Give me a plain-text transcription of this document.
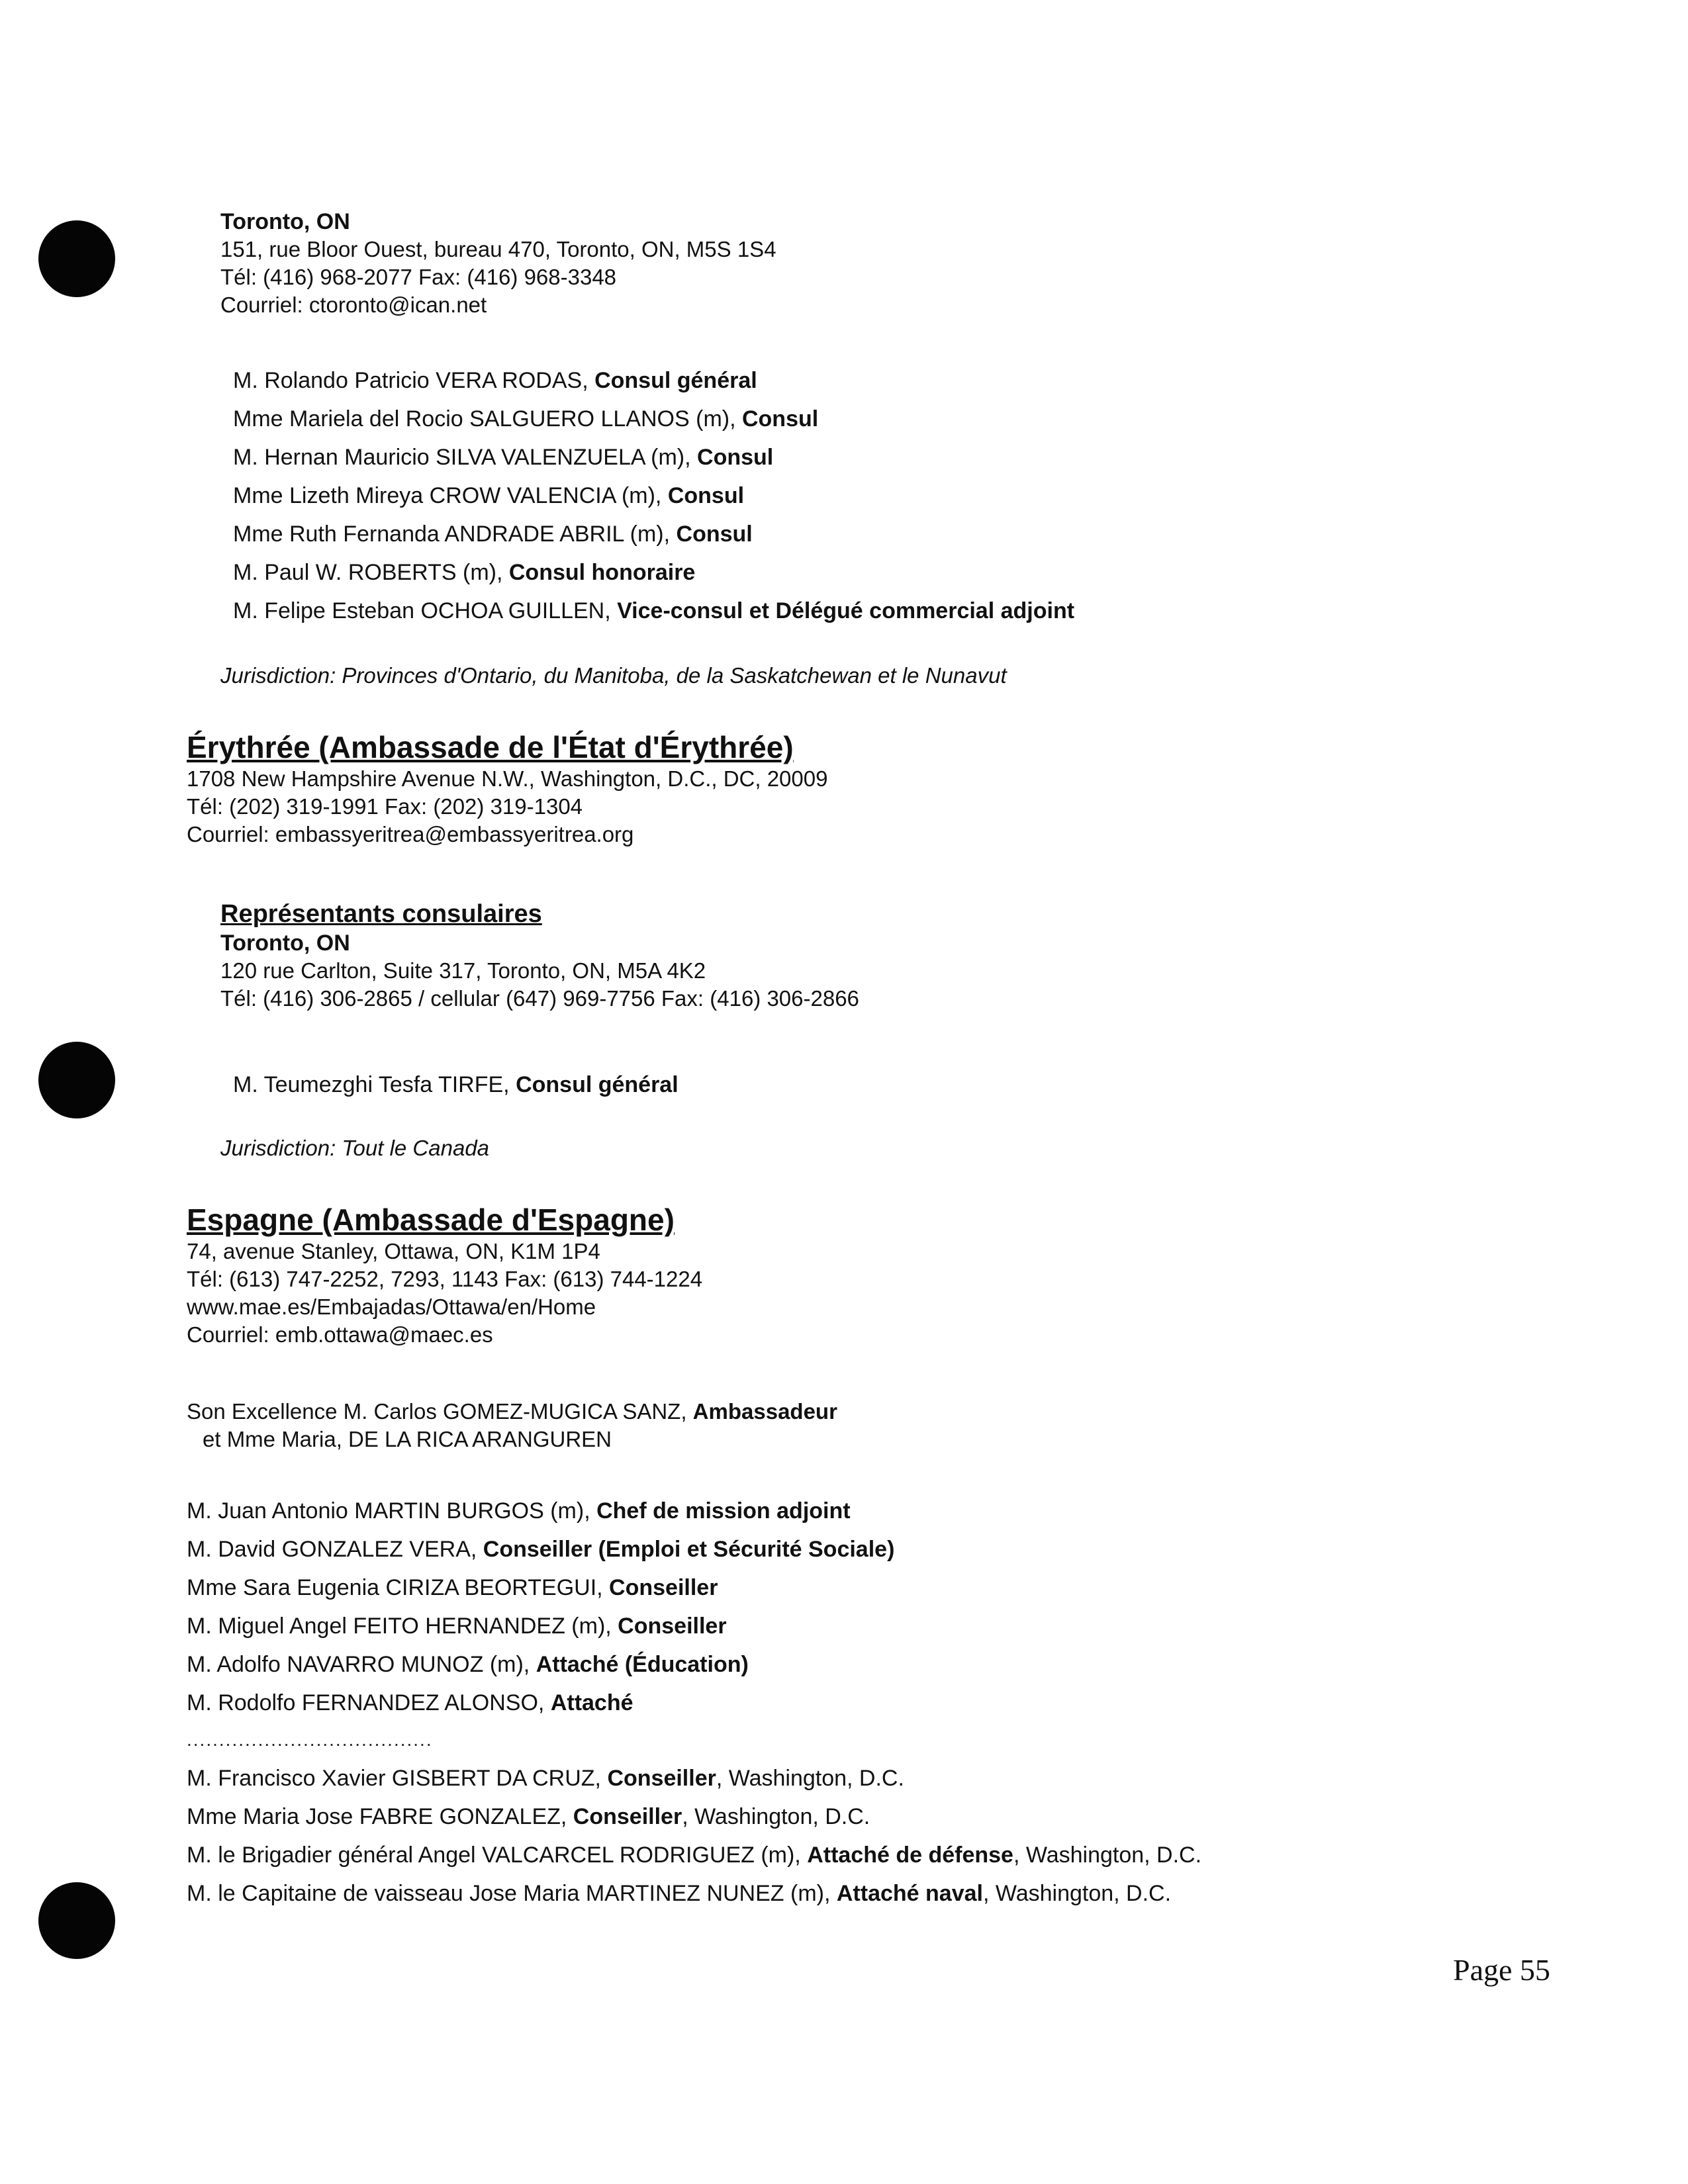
Toronto, ON
151, rue Bloor Ouest, bureau 470, Toronto, ON, M5S 1S4
Tél: (416) 968-2077 Fax: (416) 968-3348
Courriel: ctoronto@ican.net
M. Rolando Patricio VERA RODAS, Consul général
Mme Mariela del Rocio SALGUERO LLANOS (m), Consul
M. Hernan Mauricio SILVA VALENZUELA (m), Consul
Mme Lizeth Mireya CROW VALENCIA (m), Consul
Mme Ruth Fernanda ANDRADE ABRIL (m), Consul
M. Paul W. ROBERTS (m), Consul honoraire
M. Felipe Esteban OCHOA GUILLEN, Vice-consul et Délégué commercial adjoint
Jurisdiction: Provinces d'Ontario, du Manitoba, de la Saskatchewan et le Nunavut
Érythrée (Ambassade de l'État d'Érythrée)
1708 New Hampshire Avenue N.W., Washington, D.C., DC, 20009
Tél: (202) 319-1991 Fax: (202) 319-1304
Courriel: embassyeritrea@embassyeritrea.org
Représentants consulaires
Toronto, ON
120 rue Carlton, Suite 317, Toronto, ON, M5A 4K2
Tél: (416) 306-2865 / cellular (647) 969-7756 Fax: (416) 306-2866
M. Teumezghi Tesfa TIRFE, Consul général
Jurisdiction: Tout le Canada
Espagne (Ambassade d'Espagne)
74, avenue Stanley, Ottawa, ON, K1M 1P4
Tél: (613) 747-2252, 7293, 1143 Fax: (613) 744-1224
www.mae.es/Embajadas/Ottawa/en/Home
Courriel: emb.ottawa@maec.es
Son Excellence M. Carlos GOMEZ-MUGICA SANZ, Ambassadeur
et Mme Maria, DE LA RICA ARANGUREN
M. Juan Antonio MARTIN BURGOS (m), Chef de mission adjoint
M. David GONZALEZ VERA, Conseiller (Emploi et Sécurité Sociale)
Mme Sara Eugenia CIRIZA BEORTEGUI, Conseiller
M. Miguel Angel FEITO HERNANDEZ (m), Conseiller
M. Adolfo NAVARRO MUNOZ (m), Attaché (Éducation)
M. Rodolfo FERNANDEZ ALONSO, Attaché
......................................
M. Francisco Xavier GISBERT DA CRUZ, Conseiller, Washington, D.C.
Mme Maria Jose FABRE GONZALEZ, Conseiller, Washington, D.C.
M. le Brigadier général Angel VALCARCEL RODRIGUEZ (m), Attaché de défense, Washington, D.C.
M. le Capitaine de vaisseau Jose Maria MARTINEZ NUNEZ (m), Attaché naval, Washington, D.C.
Page 55
